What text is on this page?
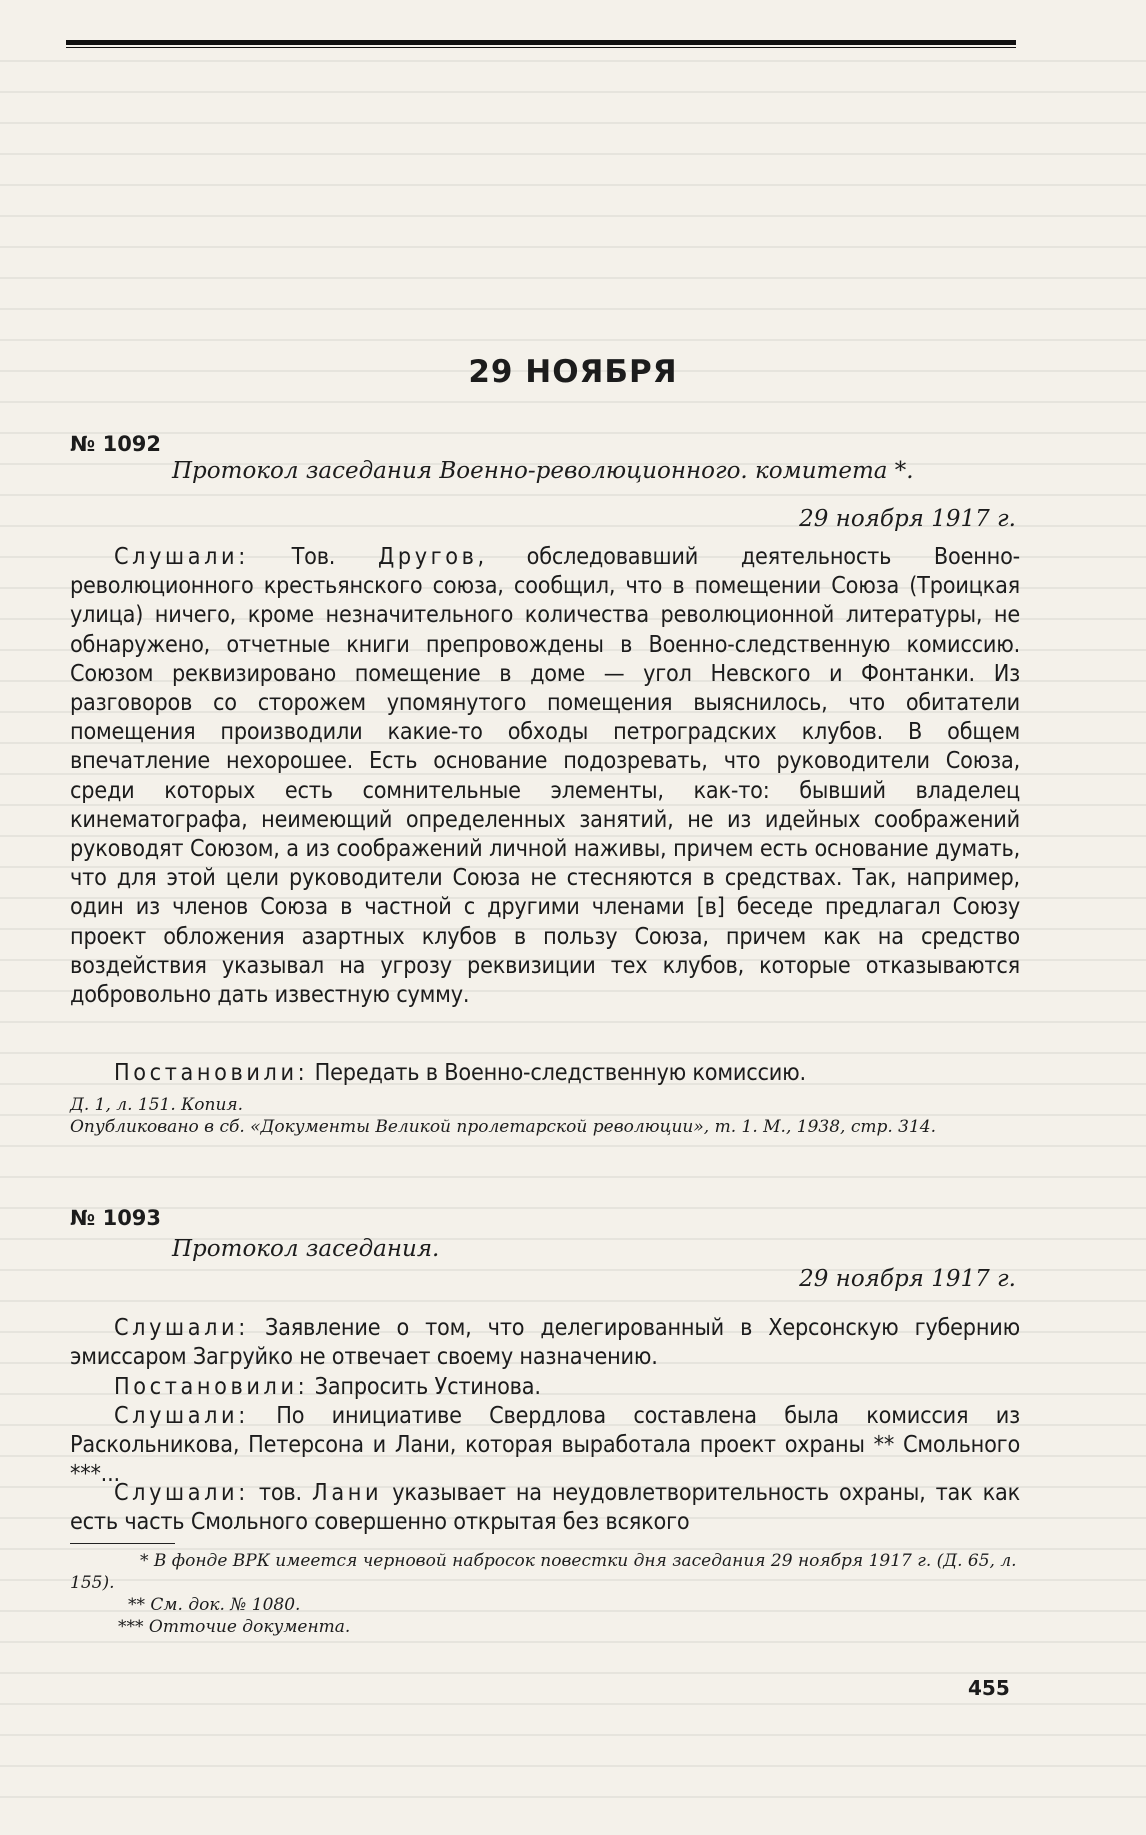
29 НОЯБРЯ
№ 1092
Протокол заседания Военно-революционного. комитета *.
29 ноября 1917 г.
Слушали: Тов. Другов, обследовавший деятельность Военно-революционного крестьянского союза, сообщил, что в помещении Союза (Троицкая улица) ничего, кроме незначительного количества революционной литературы, не обнаружено, отчетные книги препровождены в Военно-следственную комиссию. Союзом реквизировано помещение в доме — угол Невского и Фонтанки. Из разговоров со сторожем упомянутого помещения выяснилось, что обитатели помещения производили какие-то обходы петроградских клубов. В общем впечатление нехорошее. Есть основание подозревать, что руководители Союза, среди которых есть сомнительные элементы, как-то: бывший владелец кинематографа, неимеющий определенных занятий, не из идейных соображений руководят Союзом, а из соображений личной наживы, причем есть основание думать, что для этой цели руководители Союза не стесняются в средствах. Так, например, один из членов Союза в частной с другими членами [в] беседе предлагал Союзу проект обложения азартных клубов в пользу Союза, причем как на средство воздействия указывал на угрозу реквизиции тех клубов, которые отказываются добровольно дать известную сумму.
Постановили: Передать в Военно-следственную комиссию.
Д. 1, л. 151. Копия.
Опубликовано в сб. «Документы Великой пролетарской революции», т. 1. М., 1938, стр. 314.
№ 1093
Протокол заседания.
29 ноября 1917 г.
Слушали: Заявление о том, что делегированный в Херсонскую губернию эмиссаром Загруйко не отвечает своему назначению.
Постановили: Запросить Устинова.
Слушали: По инициативе Свердлова составлена была комиссия из Раскольникова, Петерсона и Лани, которая выработала проект охраны ** Смольного ***...
Слушали: тов. Лани указывает на неудовлетворительность охраны, так как есть часть Смольного совершенно открытая без всякого
* В фонде ВРК имеется черновой набросок повестки дня заседания 29 ноября 1917 г. (Д. 65, л. 155).
** См. док. № 1080.
*** Отточие документа.
455
